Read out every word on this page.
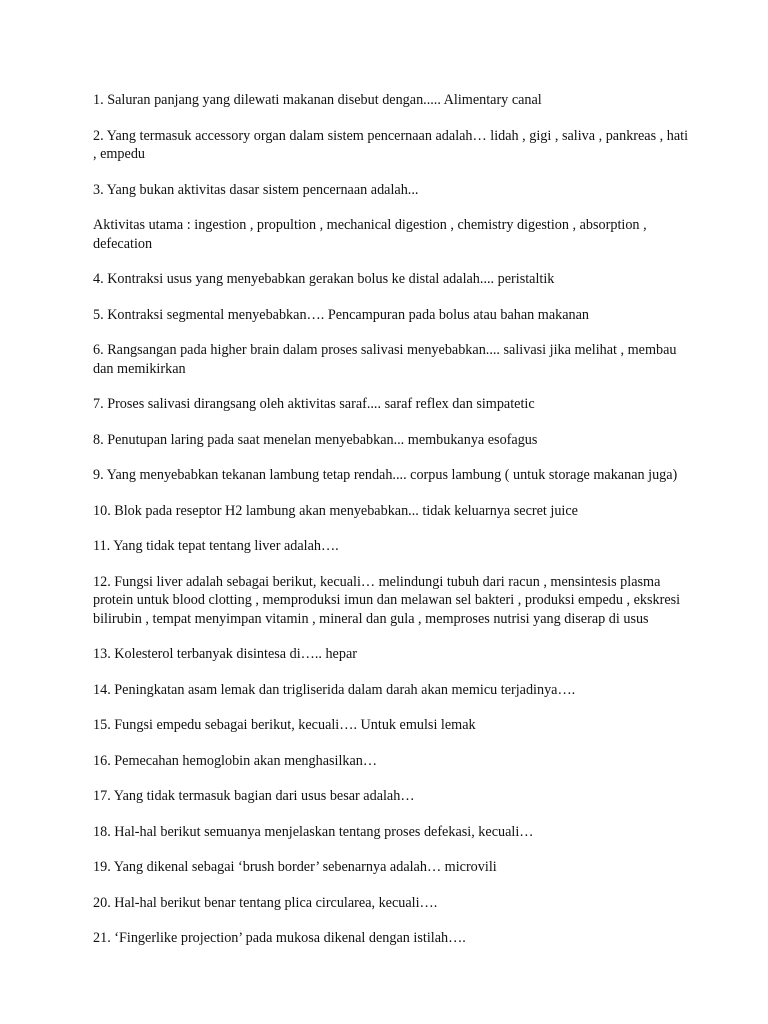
1. Saluran panjang yang dilewati makanan disebut dengan..... Alimentary canal

2. Yang termasuk accessory organ dalam sistem pencernaan adalah… lidah , gigi , saliva , pankreas , hati , empedu

3. Yang bukan aktivitas dasar sistem pencernaan adalah...

Aktivitas utama : ingestion , propultion , mechanical digestion , chemistry digestion , absorption , defecation

4. Kontraksi usus yang menyebabkan gerakan bolus ke distal adalah.... peristaltik

5. Kontraksi segmental menyebabkan…. Pencampuran pada bolus atau bahan makanan

6. Rangsangan pada higher brain dalam proses salivasi menyebabkan.... salivasi jika melihat , membau dan memikirkan

7. Proses salivasi dirangsang oleh aktivitas saraf.... saraf reflex dan simpatetic

8. Penutupan laring pada saat menelan menyebabkan... membukanya esofagus

9. Yang menyebabkan tekanan lambung tetap rendah.... corpus lambung ( untuk storage makanan juga)

10. Blok pada reseptor H2 lambung akan menyebabkan... tidak keluarnya secret juice

11. Yang tidak tepat tentang liver adalah….

12. Fungsi liver adalah sebagai berikut, kecuali… melindungi tubuh dari racun , mensintesis plasma protein untuk blood clotting , memproduksi imun dan melawan sel bakteri , produksi empedu , ekskresi bilirubin , tempat menyimpan vitamin , mineral dan gula , memproses nutrisi yang diserap di usus

13. Kolesterol terbanyak disintesa di….. hepar

14. Peningkatan asam lemak dan trigliserida dalam darah akan memicu terjadinya….

15. Fungsi empedu sebagai berikut, kecuali…. Untuk emulsi lemak

16. Pemecahan hemoglobin akan menghasilkan…

17. Yang tidak termasuk bagian dari usus besar adalah…

18. Hal-hal berikut semuanya menjelaskan tentang proses defekasi, kecuali…

19. Yang dikenal sebagai ‘brush border’ sebenarnya adalah… microvili

20. Hal-hal berikut benar tentang plica circularea, kecuali….

21. ‘Fingerlike projection’ pada mukosa dikenal dengan istilah….
